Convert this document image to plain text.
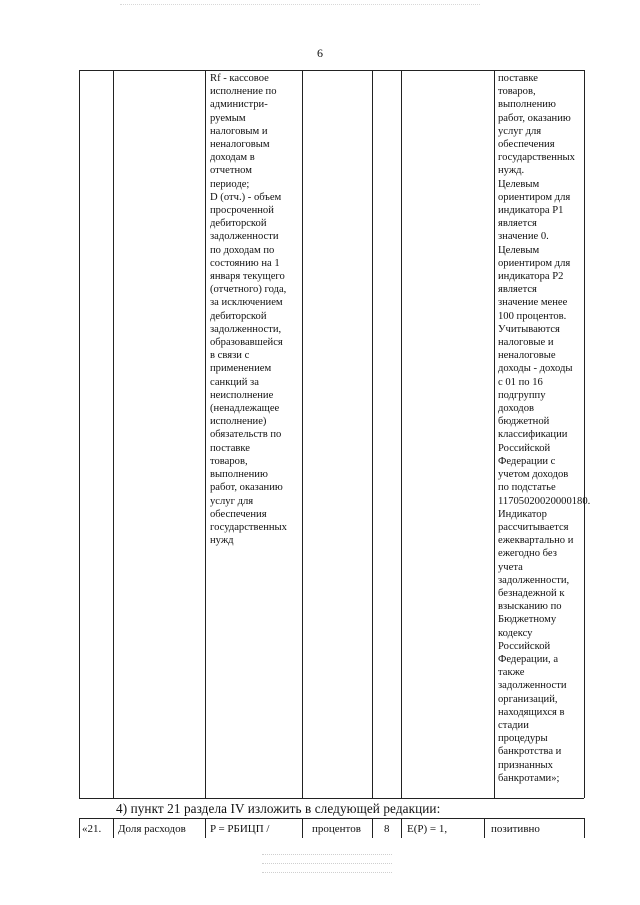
6
Rf - кассовое
исполнение по
администри-
руемым
налоговым и
неналоговым
доходам в
отчетном
периоде;
D (отч.) - объем
просроченной
дебиторской
задолженности
по доходам по
состоянию на 1
января текущего
(отчетного) года,
за исключением
дебиторской
задолженности,
образовавшейся
в связи с
применением
санкций за
неисполнение
(ненадлежащее
исполнение)
обязательств по
поставке
товаров,
выполнению
работ, оказанию
услуг для
обеспечения
государственных
нужд
поставке
товаров,
выполнению
работ, оказанию
услуг для
обеспечения
государственных
нужд.
Целевым
ориентиром для
индикатора P1
является
значение 0.
Целевым
ориентиром для
индикатора P2
является
значение менее
100 процентов.
Учитываются
налоговые и
неналоговые
доходы - доходы
с 01 по 16
подгруппу
доходов
бюджетной
классификации
Российской
Федерации с
учетом доходов
по подстатье
11705020020000180.
Индикатор
рассчитывается
ежеквартально и
ежегодно без
учета
задолженности,
безнадежной к
взысканию по
Бюджетному
кодексу
Российской
Федерации, а
также
задолженности
организаций,
находящихся в
стадии
процедуры
банкротства и
признанных
банкротами»;
4) пункт 21 раздела IV изложить в следующей редакции:
«21. Доля расходов P = РБИЦП /	процентов 8 E(P) = 1,	позитивно
